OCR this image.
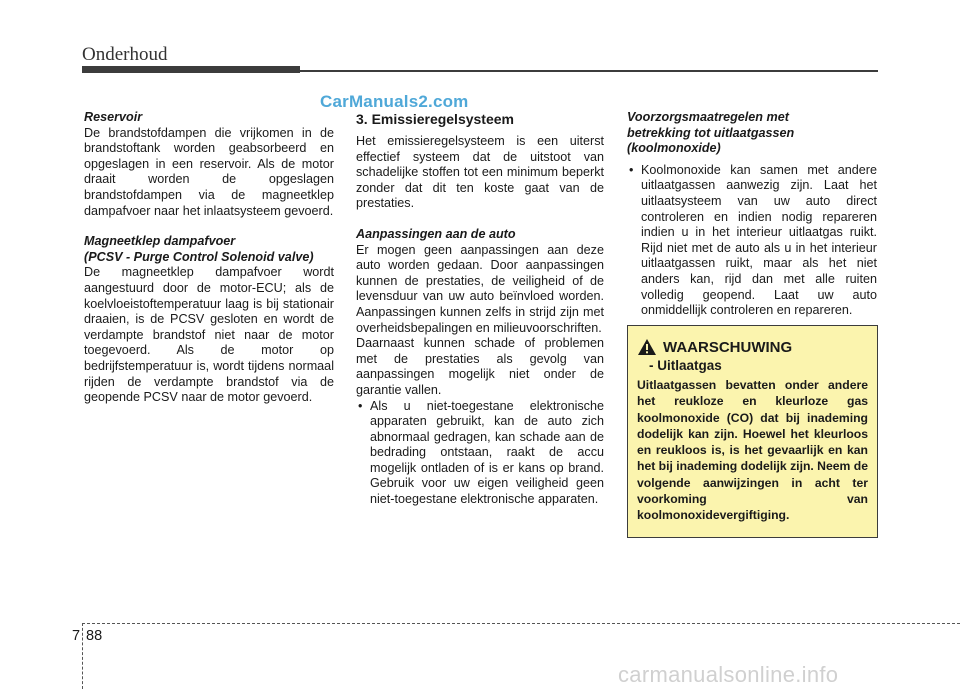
Onderhoud
CarManuals2.com

Reservoir

De brandstofdampen die vrijkomen in de brandstoftank worden geabsorbeerd en opgeslagen in een reservoir. Als de motor draait worden de opgeslagen brandstofdampen via de magneetklep dampafvoer naar het inlaatsysteem gevoerd.

Magneetklep dampafvoer

(PCSV - Purge Control Solenoid valve)

De magneetklep dampafvoer wordt aangestuurd door de motor-ECU; als de koelvloeistoftemperatuur laag is bij stationair draaien, is de PCSV gesloten en wordt de verdampte brandstof niet naar de motor toegevoerd. Als de motor op bedrijfstemperatuur is, wordt tijdens normaal rijden de verdampte brandstof via de geopende PCSV naar de motor gevoerd.

3. Emissieregelsysteem

Het emissieregelsysteem is een uiterst effectief systeem dat de uitstoot van schadelijke stoffen tot een minimum beperkt zonder dat dit ten koste gaat van de prestaties.

Aanpassingen aan de auto

Er mogen geen aanpassingen aan deze auto worden gedaan. Door aanpassingen kunnen de prestaties, de veiligheid of de levensduur van uw auto beïnvloed worden. Aanpassingen kunnen zelfs in strijd zijn met overheidsbepalingen en milieuvoorschriften.

Daarnaast kunnen schade of problemen met de prestaties als gevolg van aanpassingen mogelijk niet onder de garantie vallen.

• Als u niet-toegestane elektronische apparaten gebruikt, kan de auto zich abnormaal gedragen, kan schade aan de bedrading ontstaan, raakt de accu mogelijk ontladen of is er kans op brand. Gebruik voor uw eigen veiligheid geen niet-toegestane elektronische apparaten.

Voorzorgsmaatregelen met

betrekking tot uitlaatgassen

(koolmonoxide)

• Koolmonoxide kan samen met andere uitlaatgassen aanwezig zijn. Laat het uitlaatsysteem van uw auto direct controleren en indien nodig repareren indien u in het interieur uitlaatgas ruikt. Rijd niet met de auto als u in het interieur uitlaatgassen ruikt, maar als het niet anders kan, rijd dan met alle ruiten volledig geopend. Laat uw auto onmiddellijk controleren en repareren.
WAARSCHUWING
- Uitlaatgas

Uitlaatgassen bevatten onder andere het reukloze en kleurloze gas koolmonoxide (CO) dat bij inademing dodelijk kan zijn. Hoewel het kleurloos en reukloos is, is het gevaarlijk en kan het bij inademing dodelijk zijn. Neem de volgende aanwijzingen in acht ter voorkoming van koolmonoxidevergiftiging.

7 88
carmanualsonline.info
